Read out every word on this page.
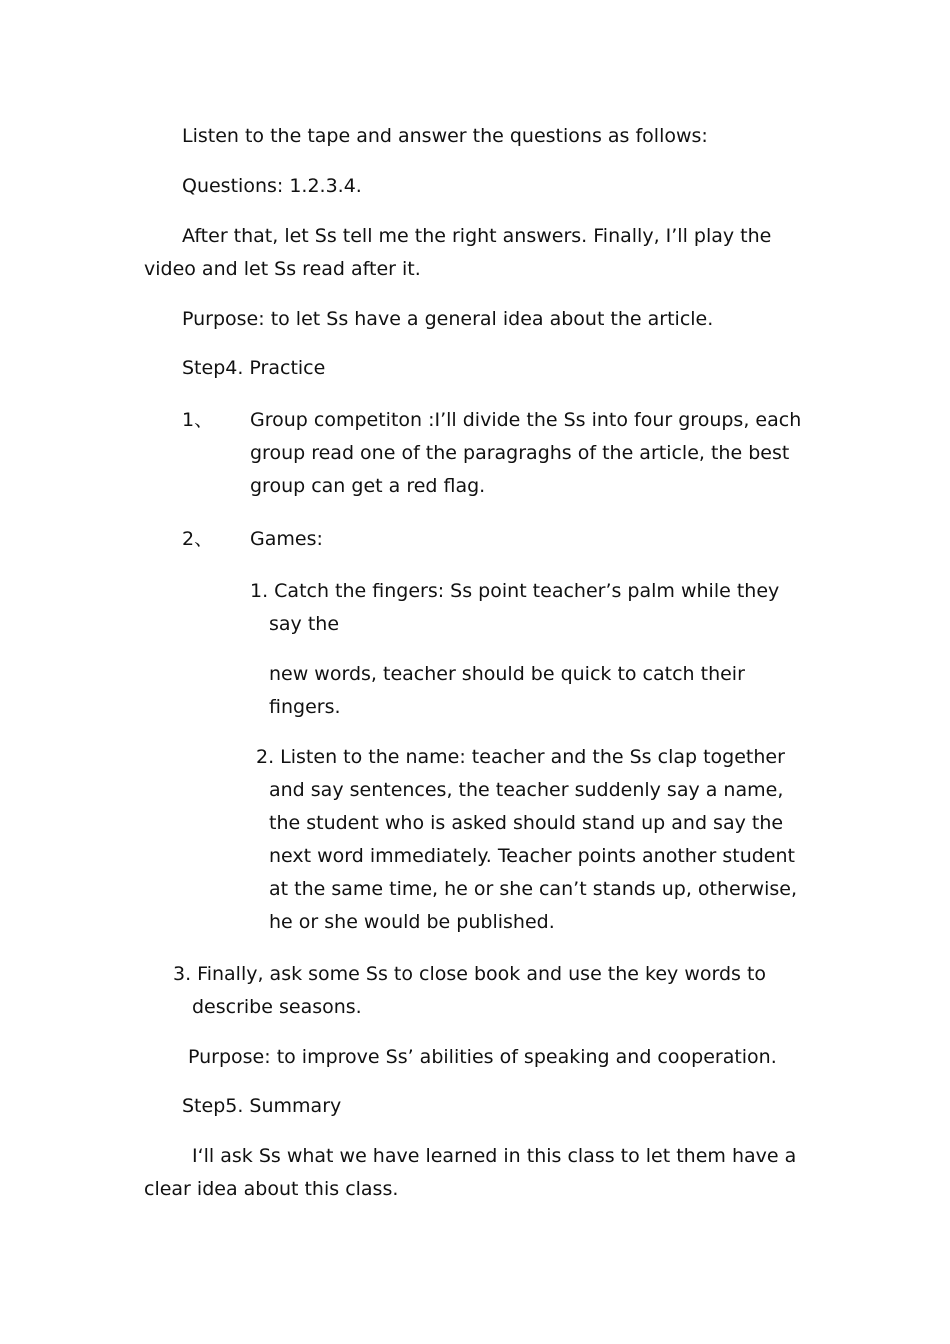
Listen to the tape and answer the questions as follows:

Questions: 1.2.3.4.

After that, let Ss tell me the right answers. Finally, I’ll play the

video and let Ss read after it.

Purpose: to let Ss have a general idea about the article.

Step4. Practice

1、 Group competiton :I’ll divide the Ss into four groups, each group read one of the paragraghs of the article, the best group can get a red flag.

2、 Games:

1. Catch the fingers: Ss point teacher’s palm while they

say the

new words, teacher should be quick to catch their fingers.

2. Listen to the name: teacher and the Ss clap together

and say sentences, the teacher suddenly say a name, the student who is asked should stand up and say the next word immediately. Teacher points another student at the same time, he or she can’t stands up, otherwise, he or she would be published.

3. Finally, ask some Ss to close book and use the key words to

describe seasons.

Purpose: to improve Ss’ abilities of speaking and cooperation.

Step5. Summary

I‘ll ask Ss what we have learned in this class to let them have a

clear idea about this class.
